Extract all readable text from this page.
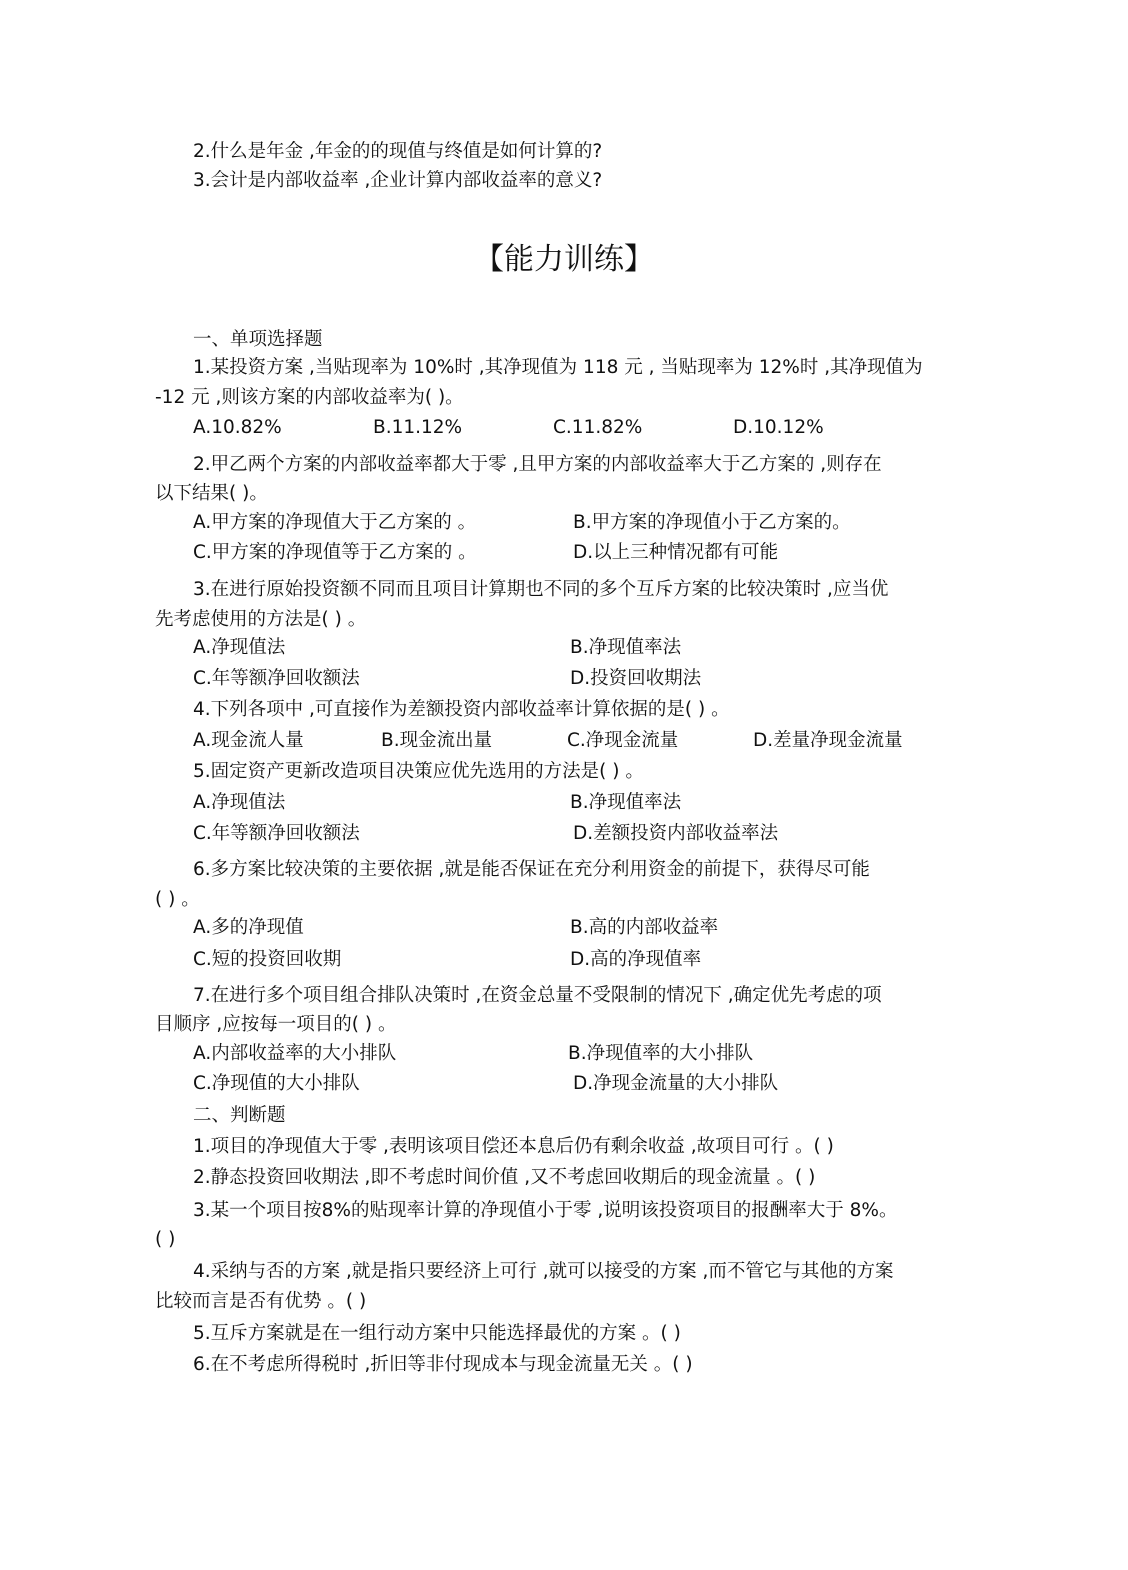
2.什么是年金 ,年金的的现值与终值是如何计算的?
3.会计是内部收益率 ,企业计算内部收益率的意义?
【能力训练】
一、单项选择题
1.某投资方案 ,当贴现率为 10%时 ,其净现值为 118 元 , 当贴现率为 12%时 ,其净现值为
-12 元 ,则该方案的内部收益率为( )。
A.10.82%	B.11.12%	C.11.82%	D.10.12%
2.甲乙两个方案的内部收益率都大于零 ,且甲方案的内部收益率大于乙方案的 ,则存在
以下结果( )。
A.甲方案的净现值大于乙方案的 。	B.甲方案的净现值小于乙方案的。
C.甲方案的净现值等于乙方案的 。	D.以上三种情况都有可能
3.在进行原始投资额不同而且项目计算期也不同的多个互斥方案的比较决策时 ,应当优
先考虑使用的方法是( ) 。
A.净现值法	B.净现值率法
C.年等额净回收额法	D.投资回收期法
4.下列各项中 ,可直接作为差额投资内部收益率计算依据的是( ) 。
A.现金流人量	B.现金流出量	C.净现金流量	D.差量净现金流量
5.固定资产更新改造项目决策应优先选用的方法是( ) 。
A.净现值法	B.净现值率法
C.年等额净回收额法	D.差额投资内部收益率法
6.多方案比较决策的主要依据 ,就是能否保证在充分利用资金的前提下，获得尽可能
( ) 。
A.多的净现值	B.高的内部收益率
C.短的投资回收期	D.高的净现值率
7.在进行多个项目组合排队决策时 ,在资金总量不受限制的情况下 ,确定优先考虑的项
目顺序 ,应按每一项目的( ) 。
A.内部收益率的大小排队	B.净现值率的大小排队
C.净现值的大小排队	D.净现金流量的大小排队
二、判断题
1.项目的净现值大于零 ,表明该项目偿还本息后仍有剩余收益 ,故项目可行 。( )
2.静态投资回收期法 ,即不考虑时间价值 ,又不考虑回收期后的现金流量 。( )
3.某一个项目按8%的贴现率计算的净现值小于零 ,说明该投资项目的报酬率大于 8%。
( )
4.采纳与否的方案 ,就是指只要经济上可行 ,就可以接受的方案 ,而不管它与其他的方案
比较而言是否有优势 。( )
5.互斥方案就是在一组行动方案中只能选择最优的方案 。( )
6.在不考虑所得税时 ,折旧等非付现成本与现金流量无关 。( )
